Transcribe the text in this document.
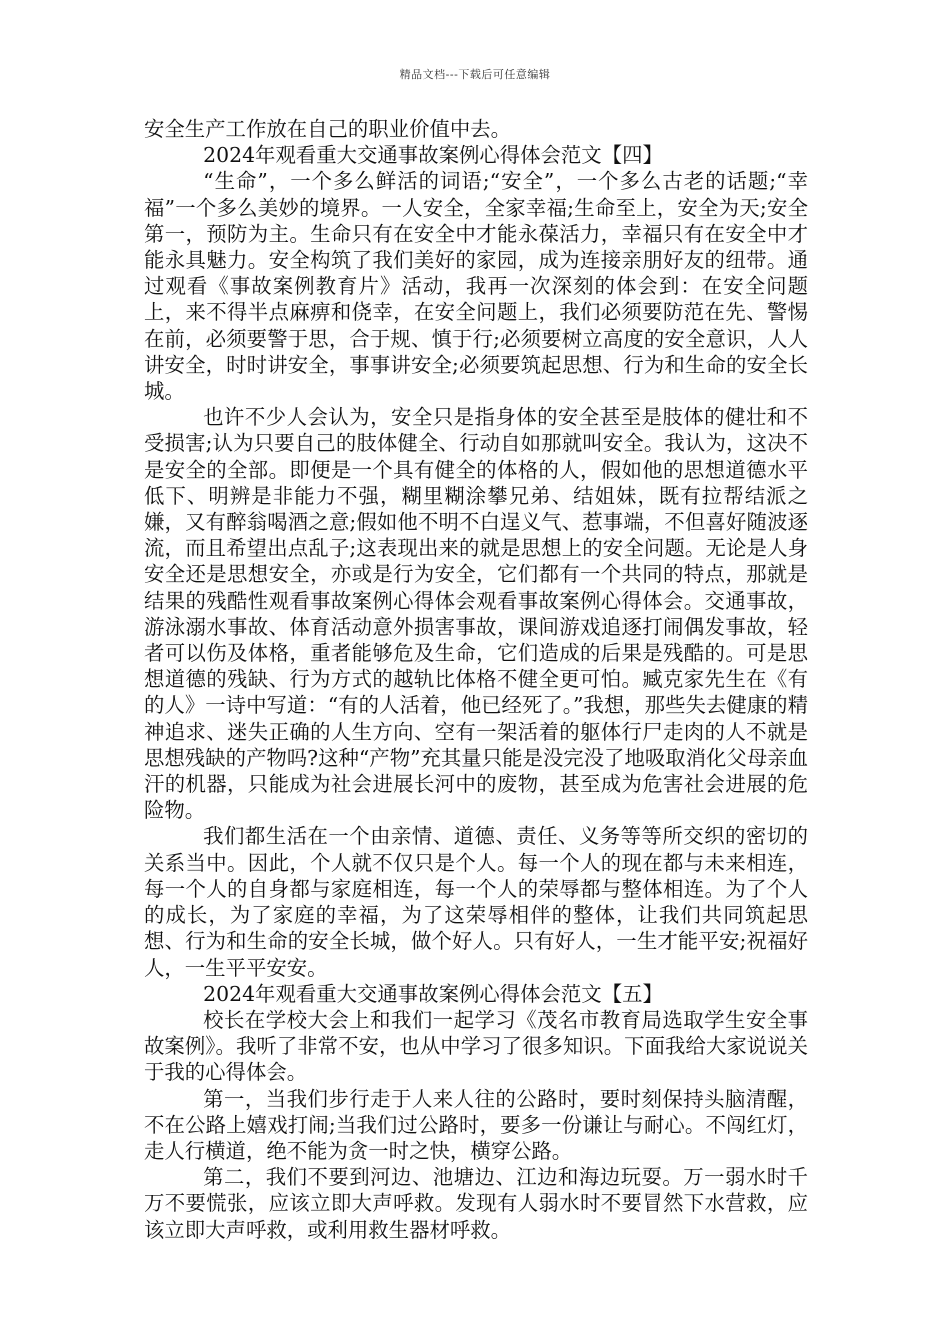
精品文档---下载后可任意编辑

安全生产工作放在自己的职业价值中去。

2024年观看重大交通事故案例心得体会范文【四】

“生命”，一个多么鲜活的词语;“安全”，一个多么古老的话题;“幸福”一个多么美妙的境界。一人安全，全家幸福;生命至上，安全为天;安全第一，预防为主。生命只有在安全中才能永葆活力，幸福只有在安全中才能永具魅力。安全构筑了我们美好的家园，成为连接亲朋好友的纽带。通过观看《事故案例教育片》活动，我再一次深刻的体会到：在安全问题上，来不得半点麻痹和侥幸，在安全问题上，我们必须要防范在先、警惕在前，必须要警于思，合于规、慎于行;必须要树立高度的安全意识，人人讲安全，时时讲安全，事事讲安全;必须要筑起思想、行为和生命的安全长城。

也许不少人会认为，安全只是指身体的安全甚至是肢体的健壮和不受损害;认为只要自己的肢体健全、行动自如那就叫安全。我认为，这决不是安全的全部。即便是一个具有健全的体格的人，假如他的思想道德水平低下、明辨是非能力不强，糊里糊涂攀兄弟、结姐妹，既有拉帮结派之嫌，又有醉翁喝酒之意;假如他不明不白逞义气、惹事端，不但喜好随波逐流，而且希望出点乱子;这表现出来的就是思想上的安全问题。无论是人身安全还是思想安全，亦或是行为安全，它们都有一个共同的特点，那就是结果的残酷性观看事故案例心得体会观看事故案例心得体会。交通事故，游泳溺水事故、体育活动意外损害事故，课间游戏追逐打闹偶发事故，轻者可以伤及体格，重者能够危及生命，它们造成的后果是残酷的。可是思想道德的残缺、行为方式的越轨比体格不健全更可怕。臧克家先生在《有的人》一诗中写道：“有的人活着，他已经死了。”我想，那些失去健康的精神追求、迷失正确的人生方向、空有一架活着的躯体行尸走肉的人不就是思想残缺的产物吗?这种“产物”充其量只能是没完没了地吸取消化父母亲血汗的机器，只能成为社会进展长河中的废物，甚至成为危害社会进展的危险物。

我们都生活在一个由亲情、道德、责任、义务等等所交织的密切的关系当中。因此，个人就不仅只是个人。每一个人的现在都与未来相连，每一个人的自身都与家庭相连，每一个人的荣辱都与整体相连。为了个人的成长，为了家庭的幸福，为了这荣辱相伴的整体，让我们共同筑起思想、行为和生命的安全长城，做个好人。只有好人，一生才能平安;祝福好人，一生平平安安。

2024年观看重大交通事故案例心得体会范文【五】

校长在学校大会上和我们一起学习《茂名市教育局选取学生安全事故案例》。我听了非常不安，也从中学习了很多知识。下面我给大家说说关于我的心得体会。

第一，当我们步行走于人来人往的公路时，要时刻保持头脑清醒，不在公路上嬉戏打闹;当我们过公路时，要多一份谦让与耐心。不闯红灯，走人行横道，绝不能为贪一时之快，横穿公路。

第二，我们不要到河边、池塘边、江边和海边玩耍。万一弱水时千万不要慌张，应该立即大声呼救。发现有人弱水时不要冒然下水营救，应该立即大声呼救，或利用救生器材呼救。
